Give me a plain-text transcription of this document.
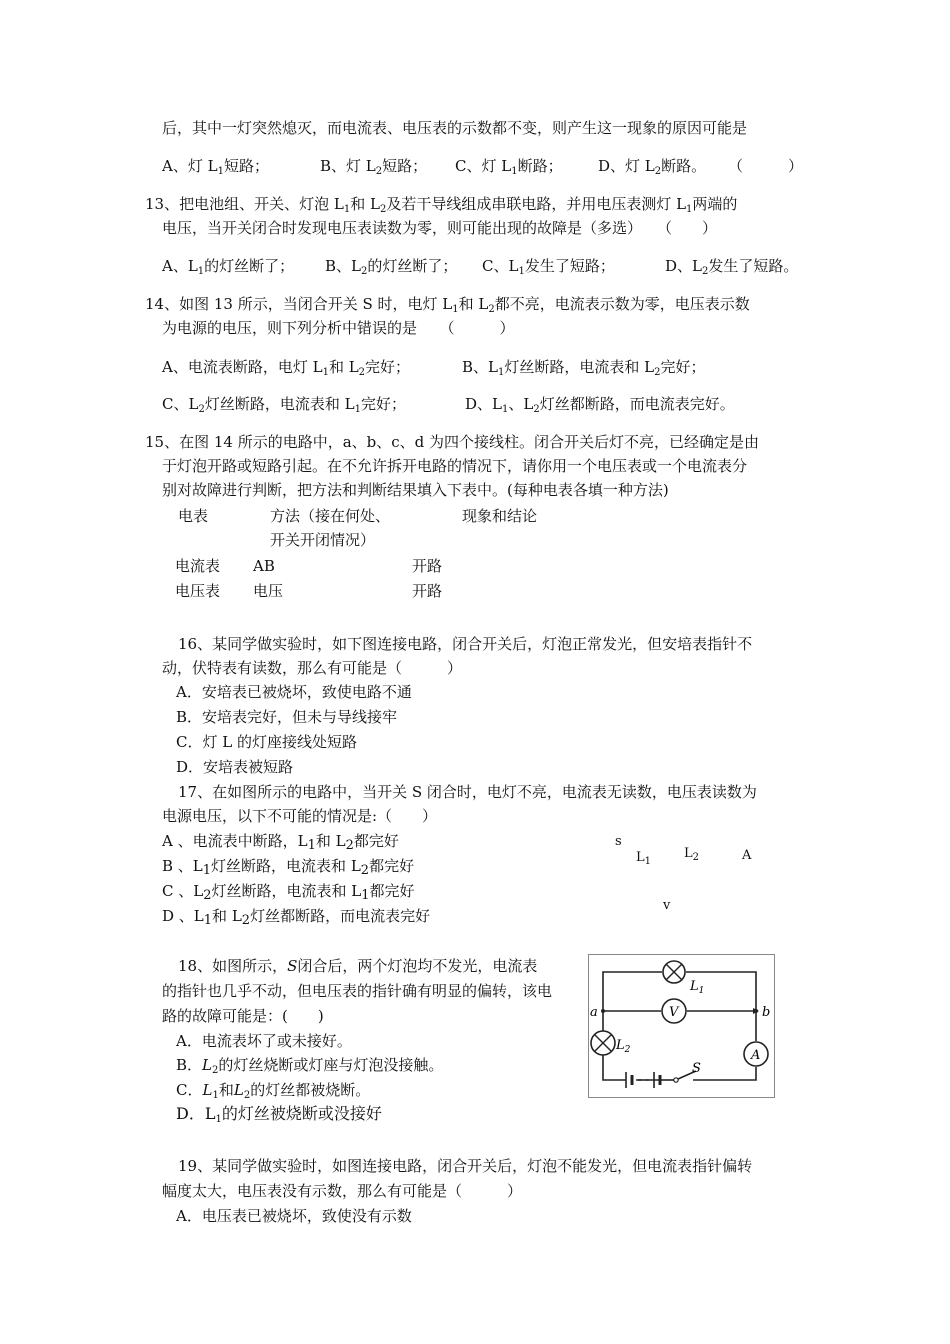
后，其中一灯突然熄灭，而电流表、电压表的示数都不变，则产生这一现象的原因可能是
A、灯 $L_1$短路；	B、灯 $L_2$短路； C、灯 $L_1$断路； D、灯 $L_2$断路。 （　　　）
13、把电池组、开关、灯泡 $L_1$和 $L_2$及若干导线组成串联电路，并用电压表测灯 $L_1$两端的
电压，当开关闭合时发现电压表读数为零，则可能出现的故障是（多选）　　（　　）
A、$L_1$的灯丝断了； B、$L_2$的灯丝断了； C、$L_1$发生了短路；	D、$L_2$发生了短路。
14、如图 13 所示，当闭合开关 S 时，电灯 $L_1$和 $L_2$都不亮，电流表示数为零，电压表示数
为电源的电压，则下列分析中错误的是　　（　　　）
A、电流表断路，电灯 $L_1$和 $L_2$完好；	B、$L_1$灯丝断路，电流表和 $L_2$完好；
C、$L_2$灯丝断路，电流表和 $L_1$完好；	D、$L_1$、$L_2$灯丝都断路，而电流表完好。
15、在图 14 所示的电路中，a、b、c、d 为四个接线柱。闭合开关后灯不亮，已经确定是由
于灯泡开路或短路引起。在不允许拆开电路的情况下，请你用一个电压表或一个电流表分
别对故障进行判断，把方法和判断结果填入下表中。(每种电表各填一种方法)
电表	方法（接在何处、	现象和结论
开关开闭情况）
电流表 AB	开路
电压表 电压	开路
16、某同学做实验时，如下图连接电路，闭合开关后，灯泡正常发光，但安培表指针不
动，伏特表有读数，那么有可能是（　　　）
A．安培表已被烧坏，致使电路不通
B．安培表完好，但未与导线接牢
C．灯 L 的灯座接线处短路
D．安培表被短路
17、在如图所示的电路中，当开关 S 闭合时，电灯不亮，电流表无读数，电压表读数为
电源电压，以下不可能的情况是:（　　）
A 、电流表中断路，$L_1$和 $L_2$都完好
B 、$L_1$灯丝断路，电流表和 $L_2$都完好
C 、$L_2$灯丝断路，电流表和 $L_1$都完好
D 、$L_1$和 $L_2$灯丝都断路，而电流表完好
s
$L_1$
$L_2$	A
v
18、如图所示，S闭合后，两个灯泡均不发光，电流表
的指针也几乎不动，但电压表的指针确有明显的偏转，该电
路的故障可能是：(　　)
A．电流表坏了或未接好。
B．$L_2$的灯丝烧断或灯座与灯泡没接触。
C．$L_1$和$L_2$的灯丝都被烧断。
D．$L_1$的灯丝被烧断或没接好
$L_1$
V
a	b
$L_2$	A
S
19、某同学做实验时，如图连接电路，闭合开关后，灯泡不能发光，但电流表指针偏转
幅度太大，电压表没有示数，那么有可能是（　　　）
A．电压表已被烧坏，致使没有示数
